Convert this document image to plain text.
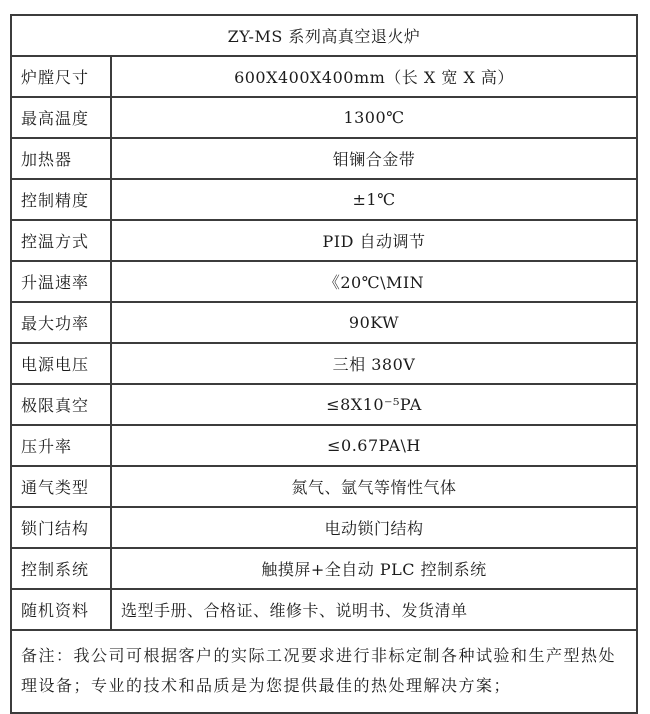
ZY-MS 系列高真空退火炉	
炉膛尺寸	600X400X400mm（长 X 宽 X 高）
最高温度	1300℃
加热器	钼镧合金带
控制精度	±1℃
控温方式	PID 自动调节
升温速率	《20℃\MIN
最大功率	90KW
电源电压	三相 380V
极限真空	≤8X10⁻⁵PA
压升率	≤0.67PA\H
通气类型	氮气、氩气等惰性气体
锁门结构	电动锁门结构
控制系统	触摸屏+全自动 PLC 控制系统
随机资料	选型手册、合格证、维修卡、说明书、发货清单
备注：我公司可根据客户的实际工况要求进行非标定制各种试验和生产型热处理设备；专业的技术和品质是为您提供最佳的热处理解决方案；	
